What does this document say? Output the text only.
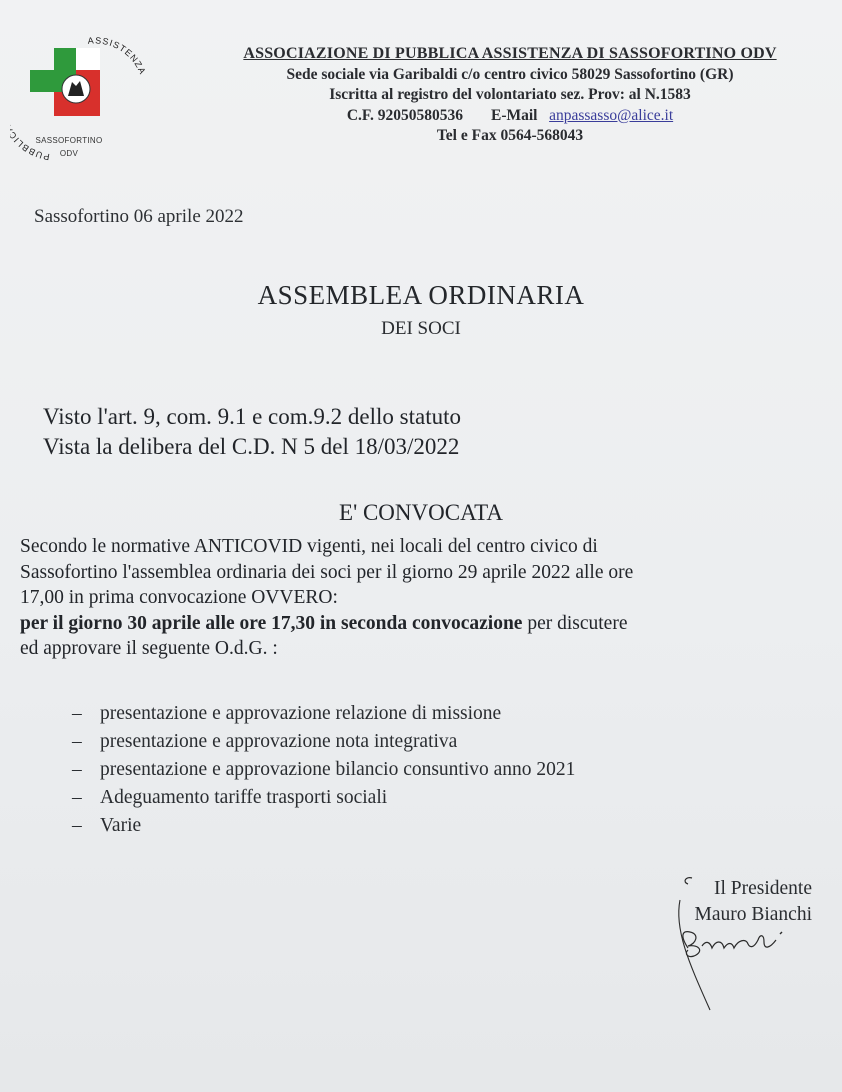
ASSISTENZA
PUBBLI	SASSOFORTINO
ODV
ASSOCIAZIONE DI PUBBLICA ASSISTENZA DI SASSOFORTINO ODV
Sede sociale via Garibaldi c/o centro civico 58029 Sassofortino (GR)
Iscritta al registro del volontariato sez. Prov: al N.1583
C.F. 92050580536 E-Mail anpassasso@alice.it
Tel e Fax 0564-568043
Sassofortino 06 aprile 2022
ASSEMBLEA ORDINARIA
DEI SOCI
Visto l'art. 9, com. 9.1 e com.9.2 dello statuto
Vista la delibera del C.D. N 5 del 18/03/2022
E' CONVOCATA
Secondo le normative ANTICOVID vigenti, nei locali del centro civico di
Sassofortino l'assemblea ordinaria dei soci per il giorno 29 aprile 2022 alle ore
17,00 in prima convocazione OVVERO:
per il giorno 30 aprile alle ore 17,30 in seconda convocazione per discutere
ed approvare il seguente O.d.G. :
– presentazione e approvazione relazione di missione
– presentazione e approvazione nota integrativa
– presentazione e approvazione bilancio consuntivo anno 2021
– Adeguamento tariffe trasporti sociali
– Varie
Il Presidente
Mauro Bianchi
